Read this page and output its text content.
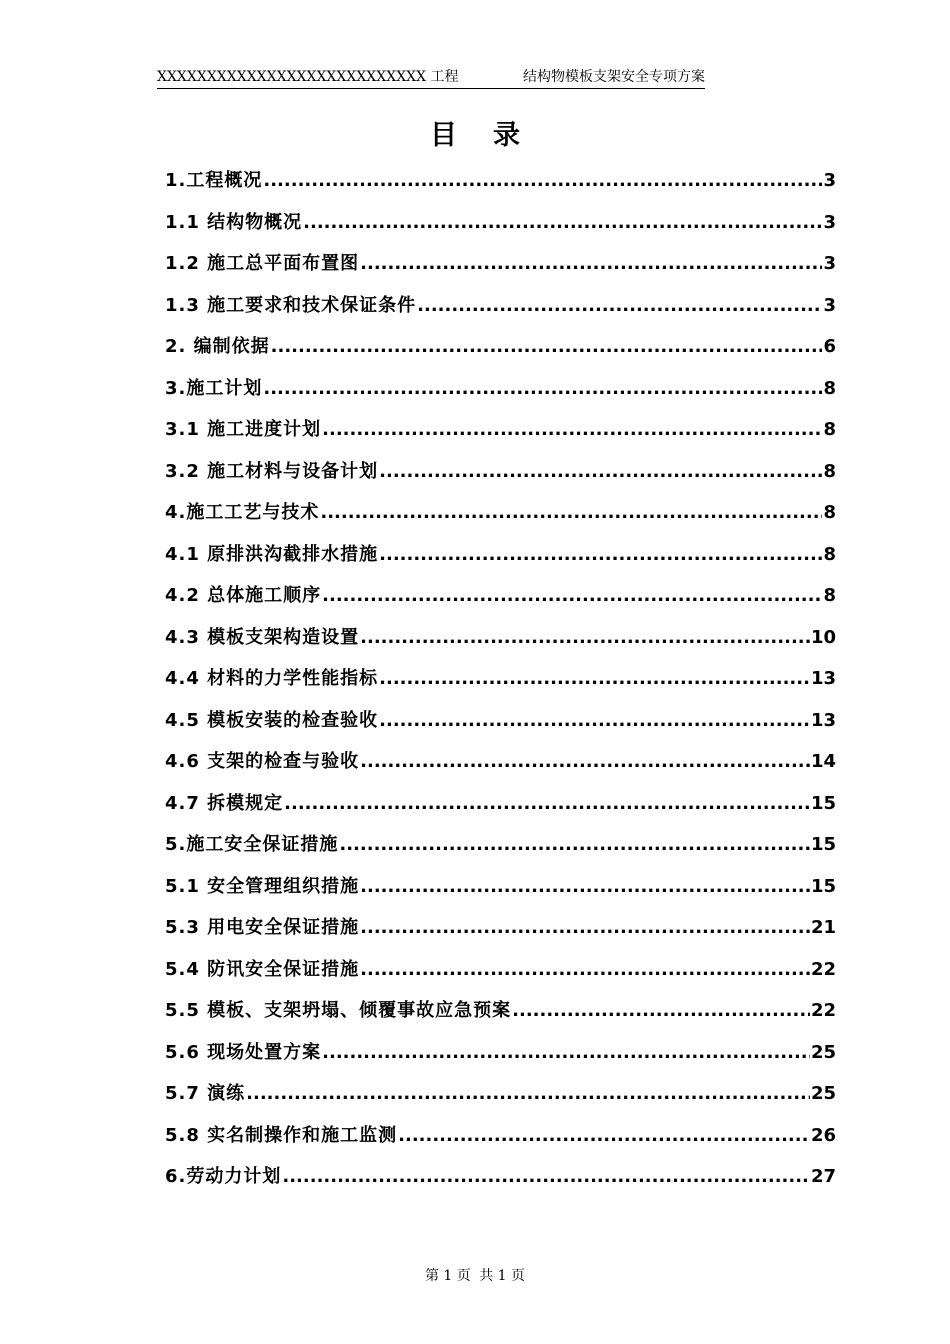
XXXXXXXXXXXXXXXXXXXXXXXXXXX 工程	结构物模板支架安全专项方案
目录
1.工程概况 .....	3
1.1 结构物概况 .....	3
1.2 施工总平面布置图 .....	3
1.3 施工要求和技术保证条件 .....	3
2. 编制依据 .....	6
3.施工计划 .....	8
3.1 施工进度计划 .....	8
3.2 施工材料与设备计划 .....	8
4.施工工艺与技术 .....	8
4.1 原排洪沟截排水措施 .....	8
4.2 总体施工顺序 .....	8
4.3 模板支架构造设置 .....	10
4.4 材料的力学性能指标 .....	13
4.5 模板安装的检查验收 .....	13
4.6 支架的检查与验收 .....	14
4.7 拆模规定 .....	15
5.施工安全保证措施 .....	15
5.1 安全管理组织措施 .....	15
5.3 用电安全保证措施 .....	21
5.4 防讯安全保证措施 .....	22
5.5 模板、支架坍塌、倾覆事故应急预案 .....	22
5.6 现场处置方案 .....	25
5.7 演练 .....	25
5.8 实名制操作和施工监测 .....	26
6.劳动力计划 .....	27
第 1 页 共 1 页
